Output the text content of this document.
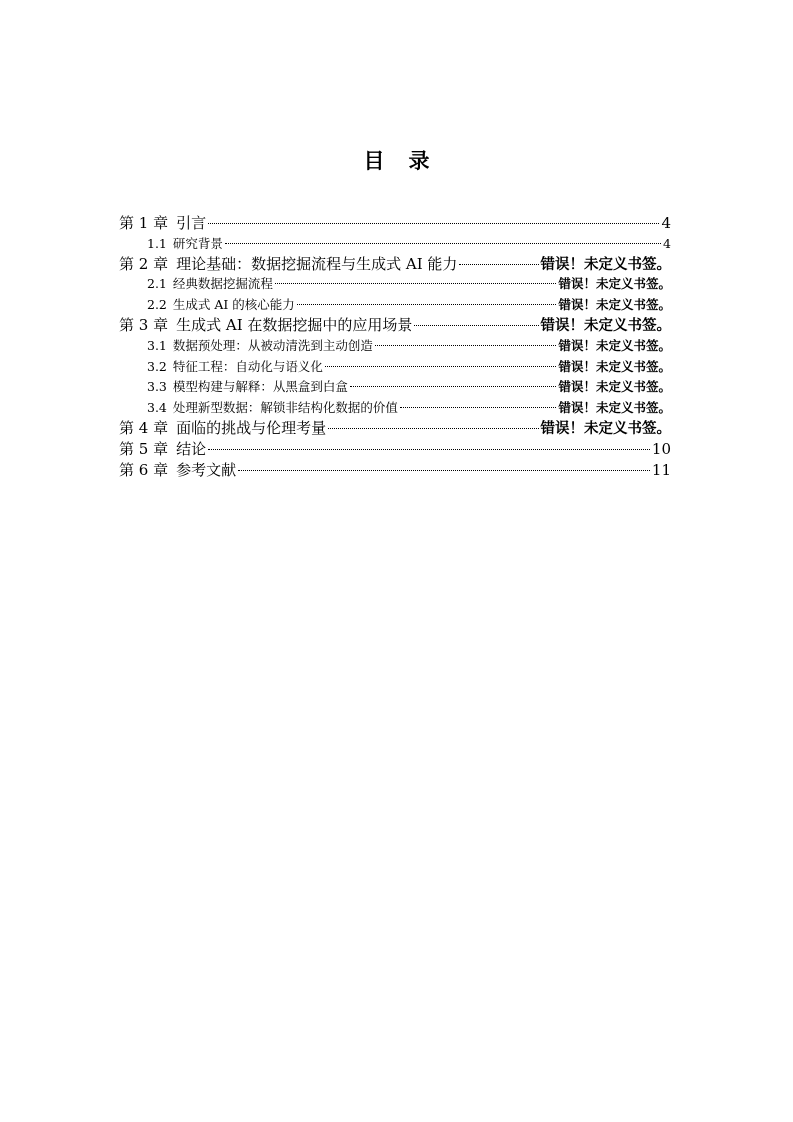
目 录
第 1 章 引言	4
1.1 研究背景	4
第 2 章 理论基础：数据挖掘流程与生成式 AI 能力	错误！未定义书签。
2.1 经典数据挖掘流程	错误！未定义书签。
2.2 生成式 AI 的核心能力	错误！未定义书签。
第 3 章 生成式 AI 在数据挖掘中的应用场景	错误！未定义书签。
3.1 数据预处理：从被动清洗到主动创造	错误！未定义书签。
3.2 特征工程：自动化与语义化	错误！未定义书签。
3.3 模型构建与解释：从黑盒到白盒	错误！未定义书签。
3.4 处理新型数据：解锁非结构化数据的价值	错误！未定义书签。
第 4 章 面临的挑战与伦理考量	错误！未定义书签。
第 5 章 结论	10
第 6 章 参考文献	11
